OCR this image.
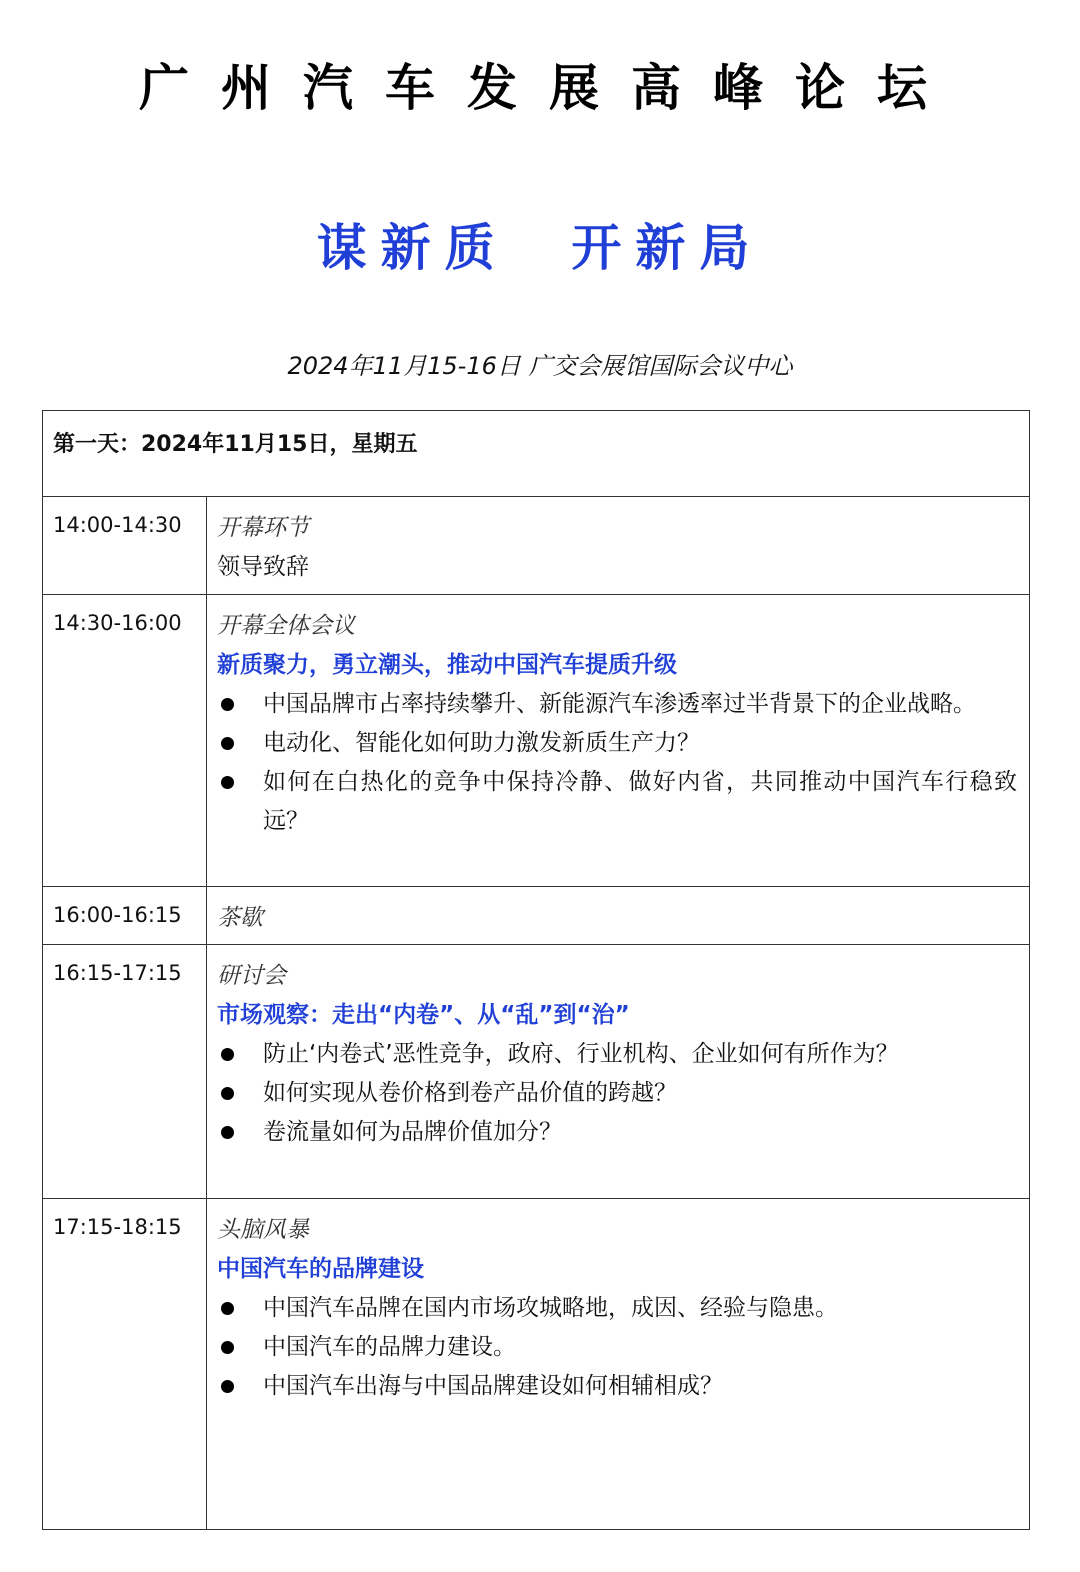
广州汽车发展高峰论坛
谋新质  开新局
2024年11月15-16日 广交会展馆国际会议中心
第一天：2024年11月15日，星期五
14:00-14:30	开幕环节
领导致辞
14:30-16:00	开幕全体会议
新质聚力，勇立潮头，推动中国汽车提质升级
中国品牌市占率持续攀升、新能源汽车渗透率过半背景下的企业战略。
电动化、智能化如何助力激发新质生产力？
如何在白热化的竞争中保持冷静、做好内省，共同推动中国汽车行稳致远？
16:00-16:15	茶歇
16:15-17:15	研讨会
市场观察：走出“内卷”、从“乱”到“治”
防止‘内卷式’恶性竞争，政府、行业机构、企业如何有所作为？
如何实现从卷价格到卷产品价值的跨越？
卷流量如何为品牌价值加分？
17:15-18:15	头脑风暴
中国汽车的品牌建设
中国汽车品牌在国内市场攻城略地，成因、经验与隐患。
中国汽车的品牌力建设。
中国汽车出海与中国品牌建设如何相辅相成？
